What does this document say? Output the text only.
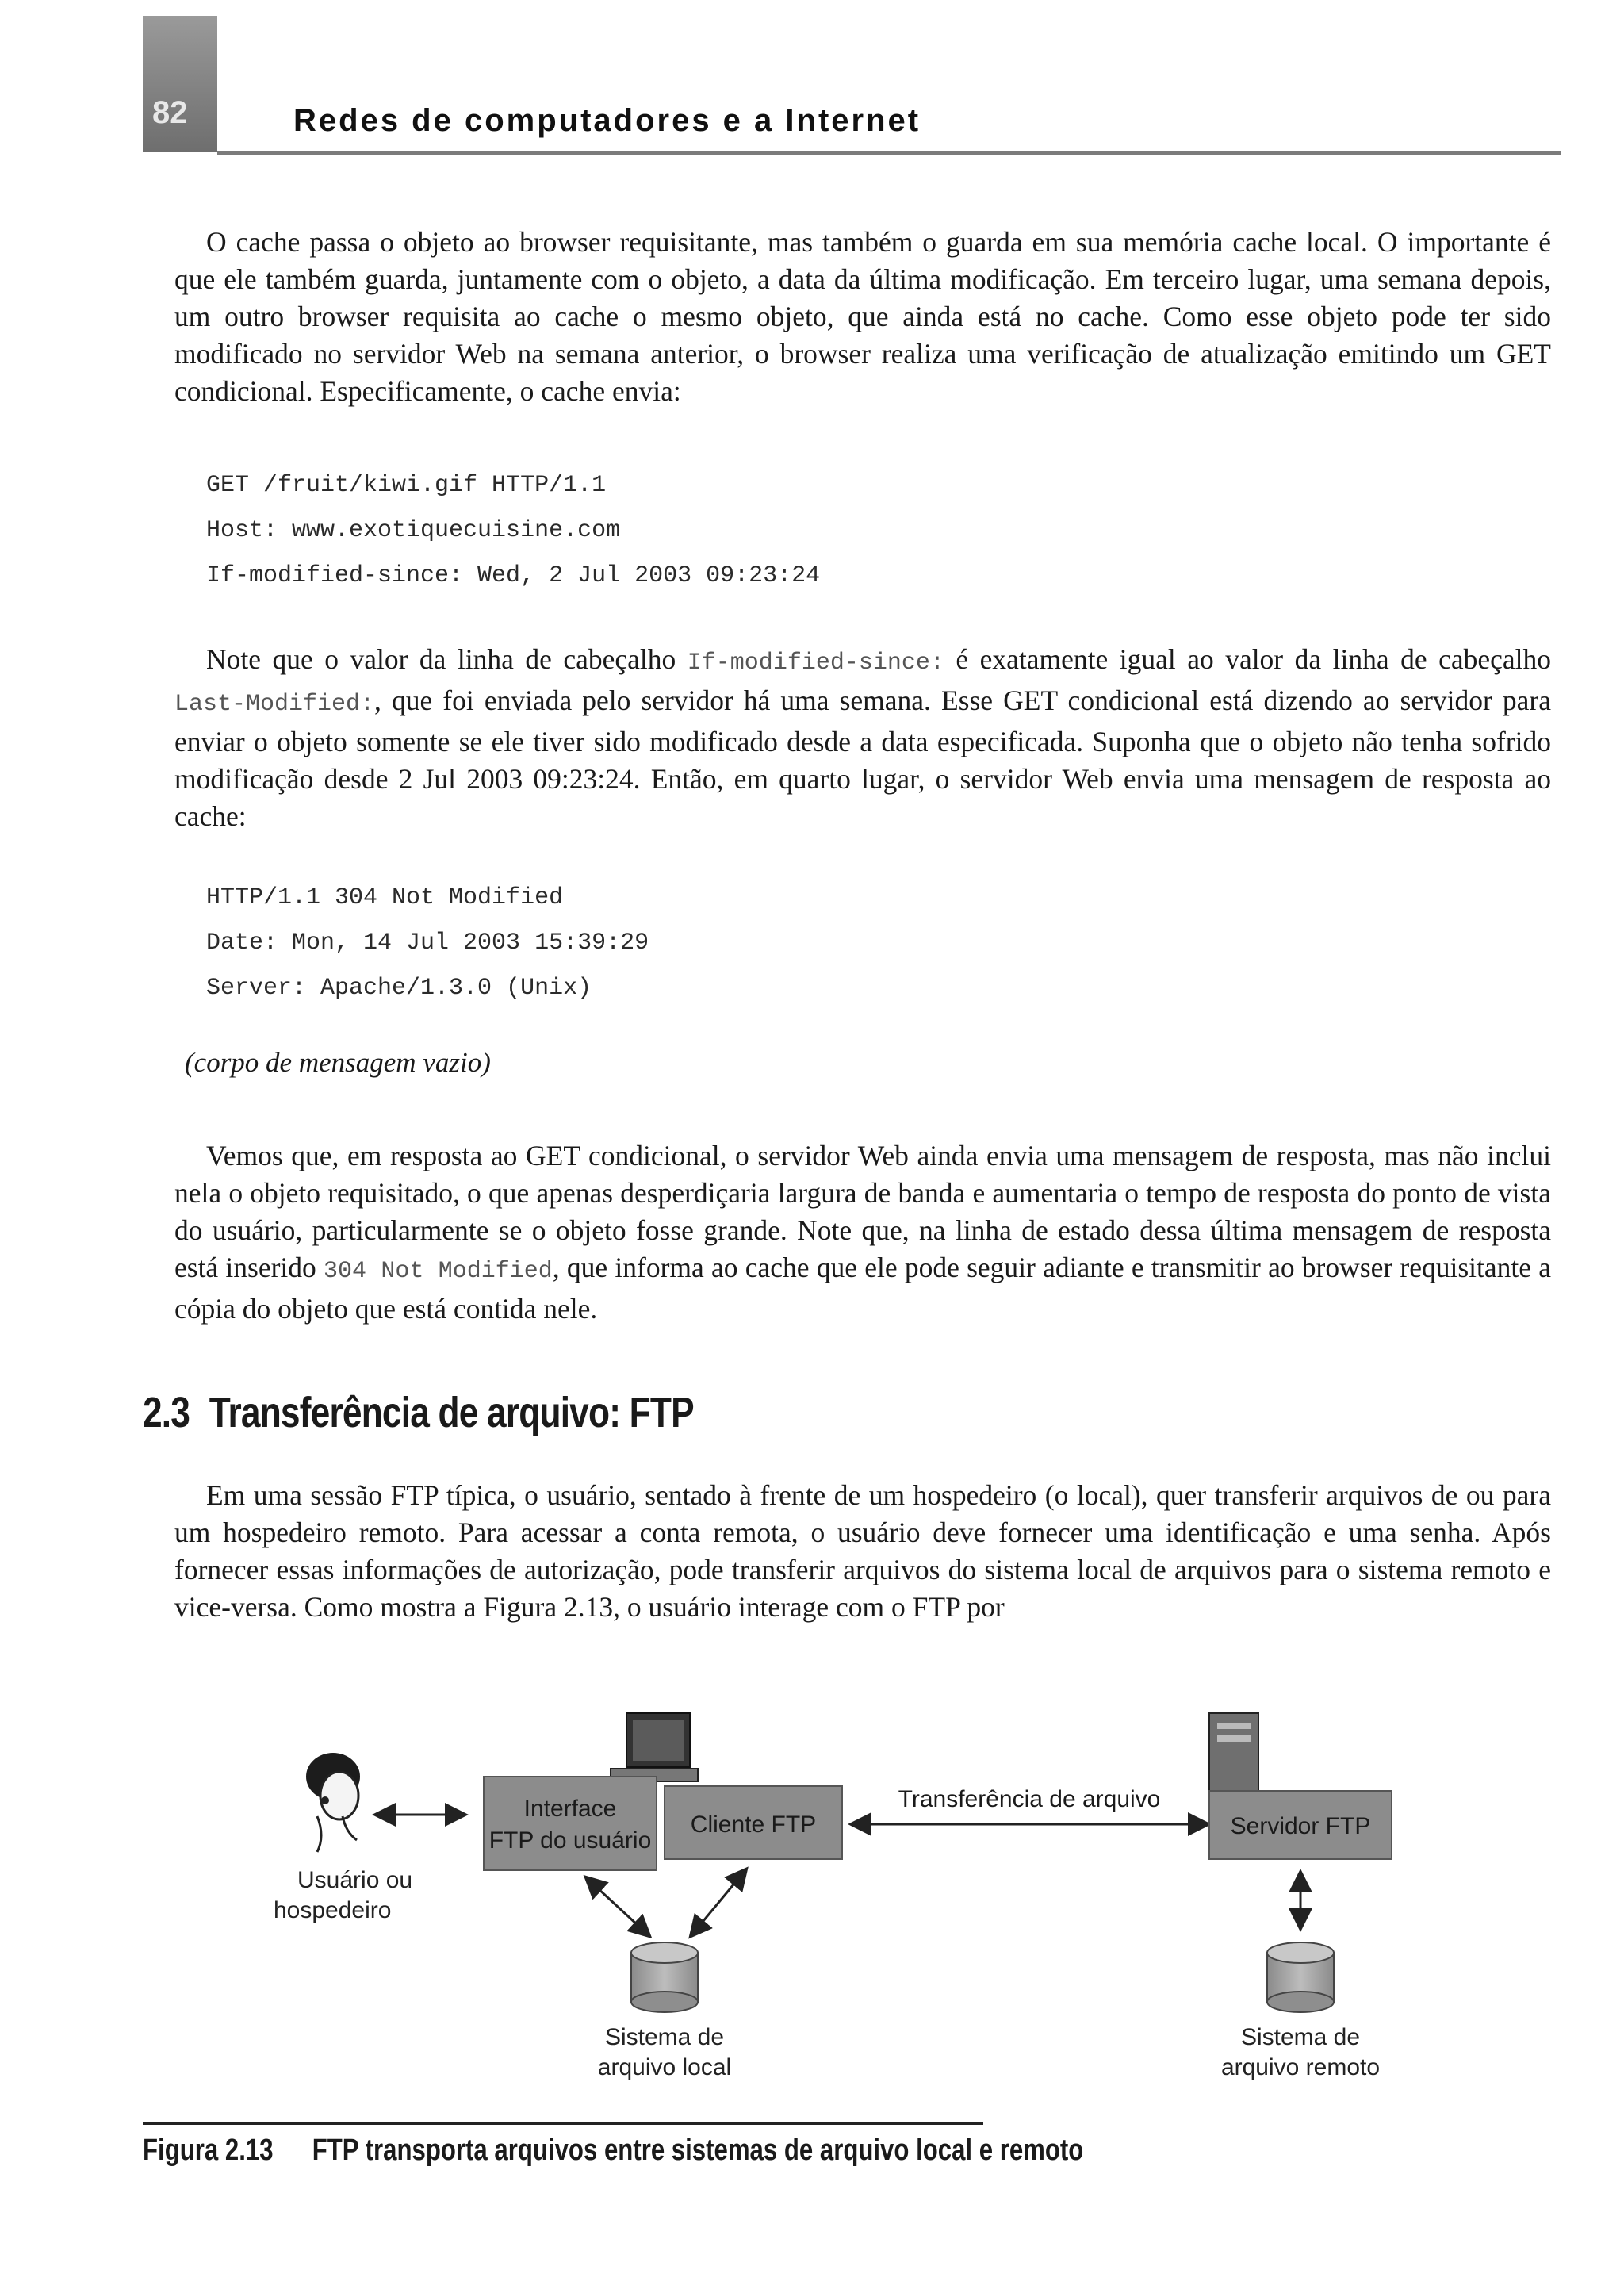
82	Redes de computadores e a Internet

O cache passa o objeto ao browser requisitante, mas também o guarda em sua memória cache local. O importante é que ele também guarda, juntamente com o objeto, a data da última modificação. Em terceiro lugar, uma semana depois, um outro browser requisita ao cache o mesmo objeto, que ainda está no cache. Como esse objeto pode ter sido modificado no servidor Web na semana anterior, o browser realiza uma verificação de atualização emitindo um GET condicional. Especificamente, o cache envia:

GET /fruit/kiwi.gif HTTP/1.1
Host: www.exotiquecuisine.com
If-modified-since: Wed, 2 Jul 2003 09:23:24

Note que o valor da linha de cabeçalho If-modified-since: é exatamente igual ao valor da linha de cabeçalho Last-Modified:, que foi enviada pelo servidor há uma semana. Esse GET condicional está dizendo ao servidor para enviar o objeto somente se ele tiver sido modificado desde a data especificada. Suponha que o objeto não tenha sofrido modificação desde 2 Jul 2003 09:23:24. Então, em quarto lugar, o servidor Web envia uma mensagem de resposta ao cache:

HTTP/1.1 304 Not Modified
Date: Mon, 14 Jul 2003 15:39:29
Server: Apache/1.3.0 (Unix)
(corpo de mensagem vazio)

Vemos que, em resposta ao GET condicional, o servidor Web ainda envia uma mensagem de resposta, mas não inclui nela o objeto requisitado, o que apenas desperdiçaria largura de banda e aumentaria o tempo de resposta do ponto de vista do usuário, particularmente se o objeto fosse grande. Note que, na linha de estado dessa última mensagem de resposta está inserido 304 Not Modified, que informa ao cache que ele pode seguir adiante e transmitir ao browser requisitante a cópia do objeto que está contida nele.

2.3 Transferência de arquivo: FTP

Em uma sessão FTP típica, o usuário, sentado à frente de um hospedeiro (o local), quer transferir arquivos de ou para um hospedeiro remoto. Para acessar a conta remota, o usuário deve fornecer uma identificação e uma senha. Após fornecer essas informações de autorização, pode transferir arquivos do sistema local de arquivos para o sistema remoto e vice-versa. Como mostra a Figura 2.13, o usuário interage com o FTP por

Usuário ou
hospedeiro
Interface
FTP do usuário
Cliente FTP
Transferência de arquivo
Servidor FTP
Sistema de
arquivo local
Sistema de
arquivo remoto
Figura 2.13 FTP transporta arquivos entre sistemas de arquivo local e remoto
